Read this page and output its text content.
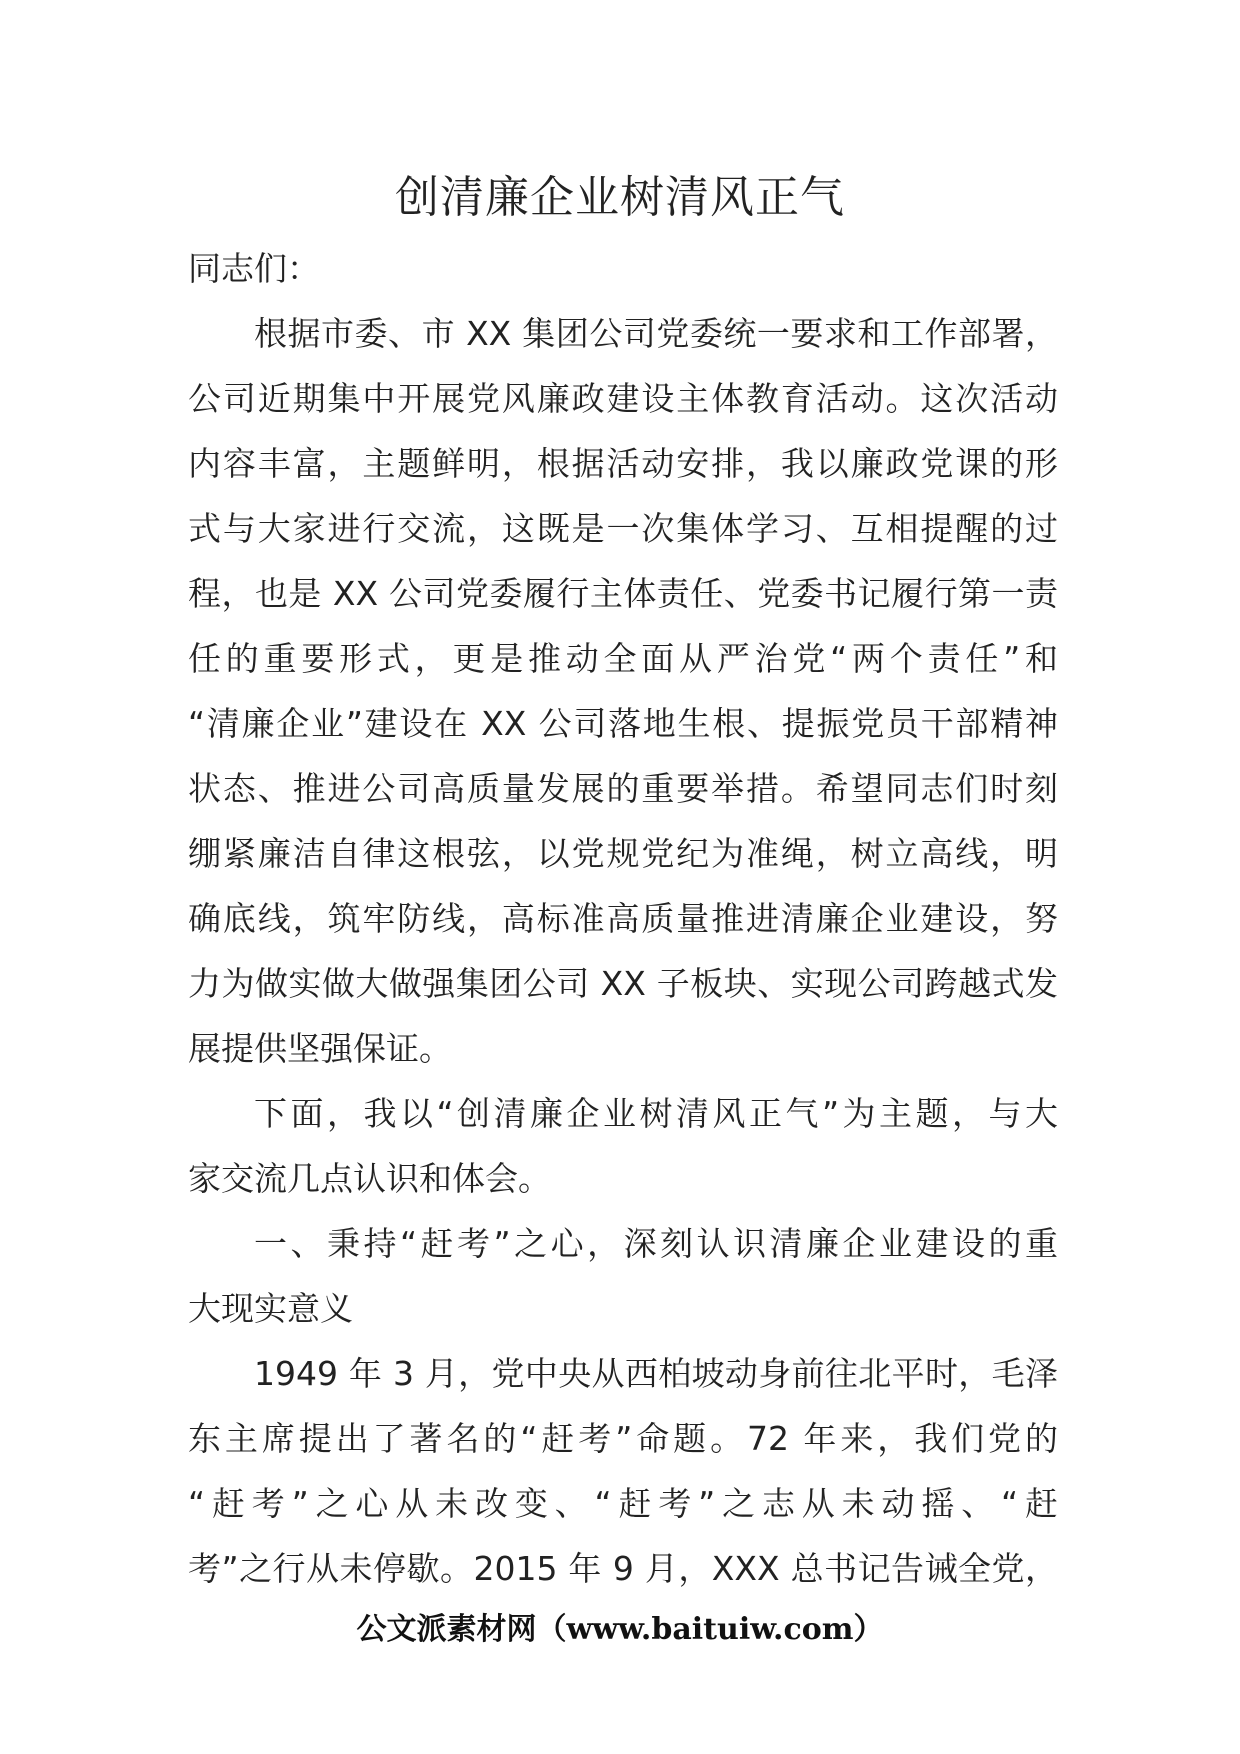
创清廉企业树清风正气
同志们：
根据市委、市 XX 集团公司党委统一要求和工作部署，
公司近期集中开展党风廉政建设主体教育活动。这次活动
内容丰富，主题鲜明，根据活动安排，我以廉政党课的形
式与大家进行交流，这既是一次集体学习、互相提醒的过
程，也是 XX 公司党委履行主体责任、党委书记履行第一责
任的重要形式，更是推动全面从严治党“两个责任”和
“清廉企业”建设在 XX 公司落地生根、提振党员干部精神
状态、推进公司高质量发展的重要举措。希望同志们时刻
绷紧廉洁自律这根弦，以党规党纪为准绳，树立高线，明
确底线，筑牢防线，高标准高质量推进清廉企业建设，努
力为做实做大做强集团公司 XX 子板块、实现公司跨越式发
展提供坚强保证。
下面，我以“创清廉企业树清风正气”为主题，与大
家交流几点认识和体会。
一、秉持“赶考”之心，深刻认识清廉企业建设的重
大现实意义
1949 年 3 月，党中央从西柏坡动身前往北平时，毛泽
东主席提出了著名的“赶考”命题。72 年来，我们党的
“赶考”之心从未改变、“赶考”之志从未动摇、“赶
考”之行从未停歇。2015 年 9 月，XXX 总书记告诫全党，
公文派素材网（www.baituiw.com）
